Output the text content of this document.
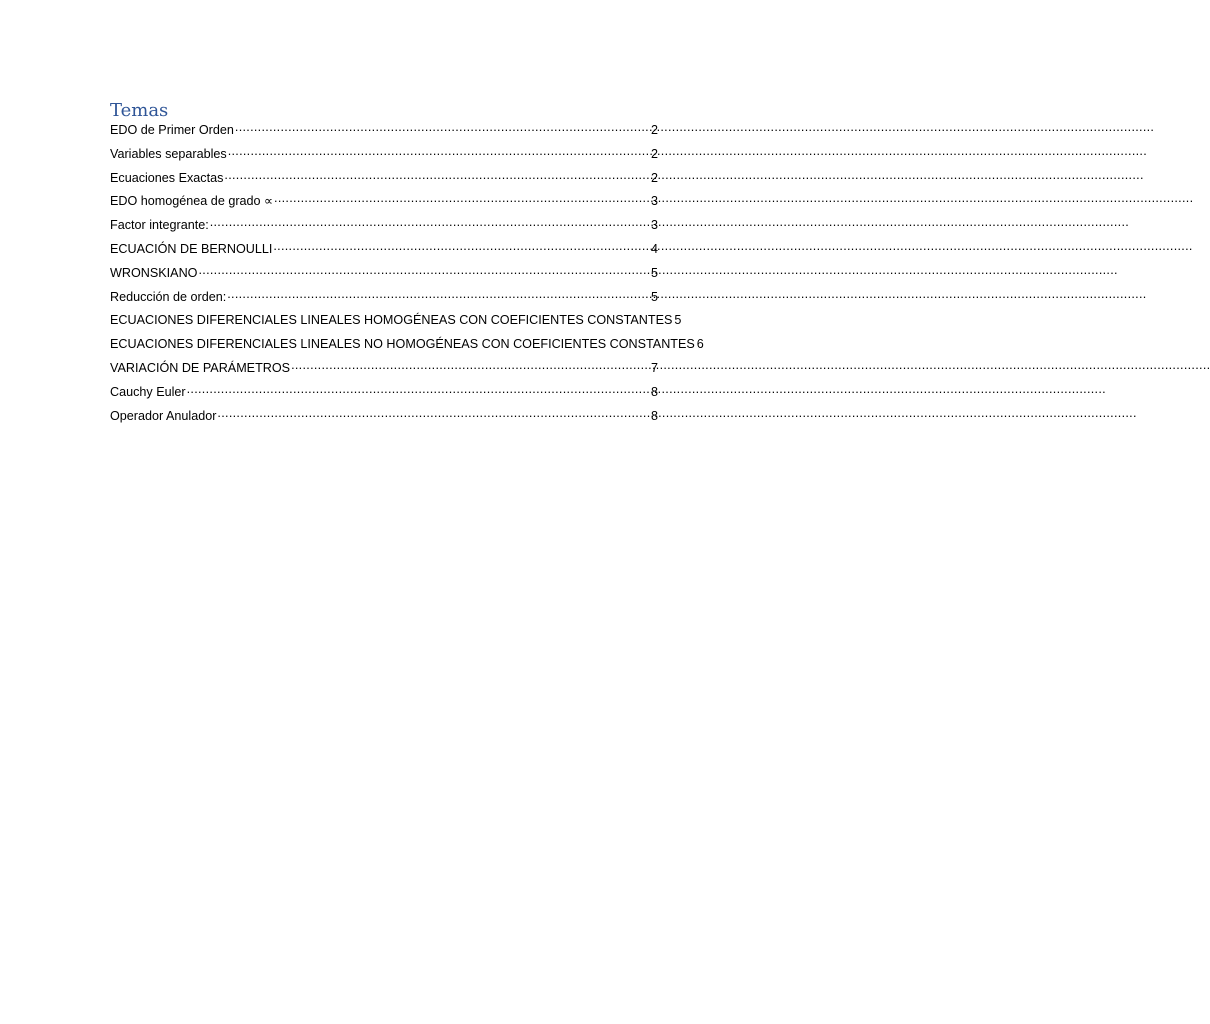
Temas
EDO de Primer Orden .....	2
Variables separables .....	2
Ecuaciones Exactas .....	2
EDO homogénea de grado ∝ .....	3
Factor integrante: .....	3
ECUACIÓN DE BERNOULLI .....	4
WRONSKIANO .....	5
Reducción de orden: .....	5
ECUACIONES DIFERENCIALES LINEALES HOMOGÉNEAS CON COEFICIENTES CONSTANTES 5
ECUACIONES DIFERENCIALES LINEALES NO HOMOGÉNEAS CON COEFICIENTES CONSTANTES 6
VARIACIÓN DE PARÁMETROS .....	7
Cauchy Euler .....	8
Operador Anulador .....	8
